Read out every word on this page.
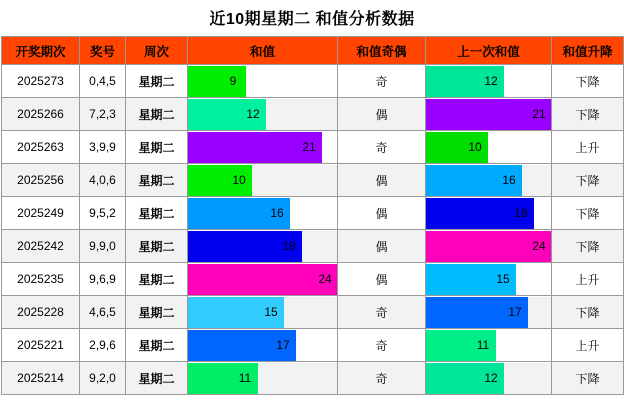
近10期星期二 和值分析数据
开奖期次	奖号	周次	和值	和值奇偶	上一次和值	和值升降
2025273	0,4,5	星期二	9	奇	12	下降
2025266	7,2,3	星期二	12	偶	21	下降
2025263	3,9,9	星期二	21	奇	10	上升
2025256	4,0,6	星期二	10	偶	16	下降
2025249	9,5,2	星期二	16	偶	18	下降
2025242	9,9,0	星期二	18	偶	24	下降
2025235	9,6,9	星期二	24	偶	15	上升
2025228	4,6,5	星期二	15	奇	17	下降
2025221	2,9,6	星期二	17	奇	11	上升
2025214	9,2,0	星期二	11	奇	12	下降
